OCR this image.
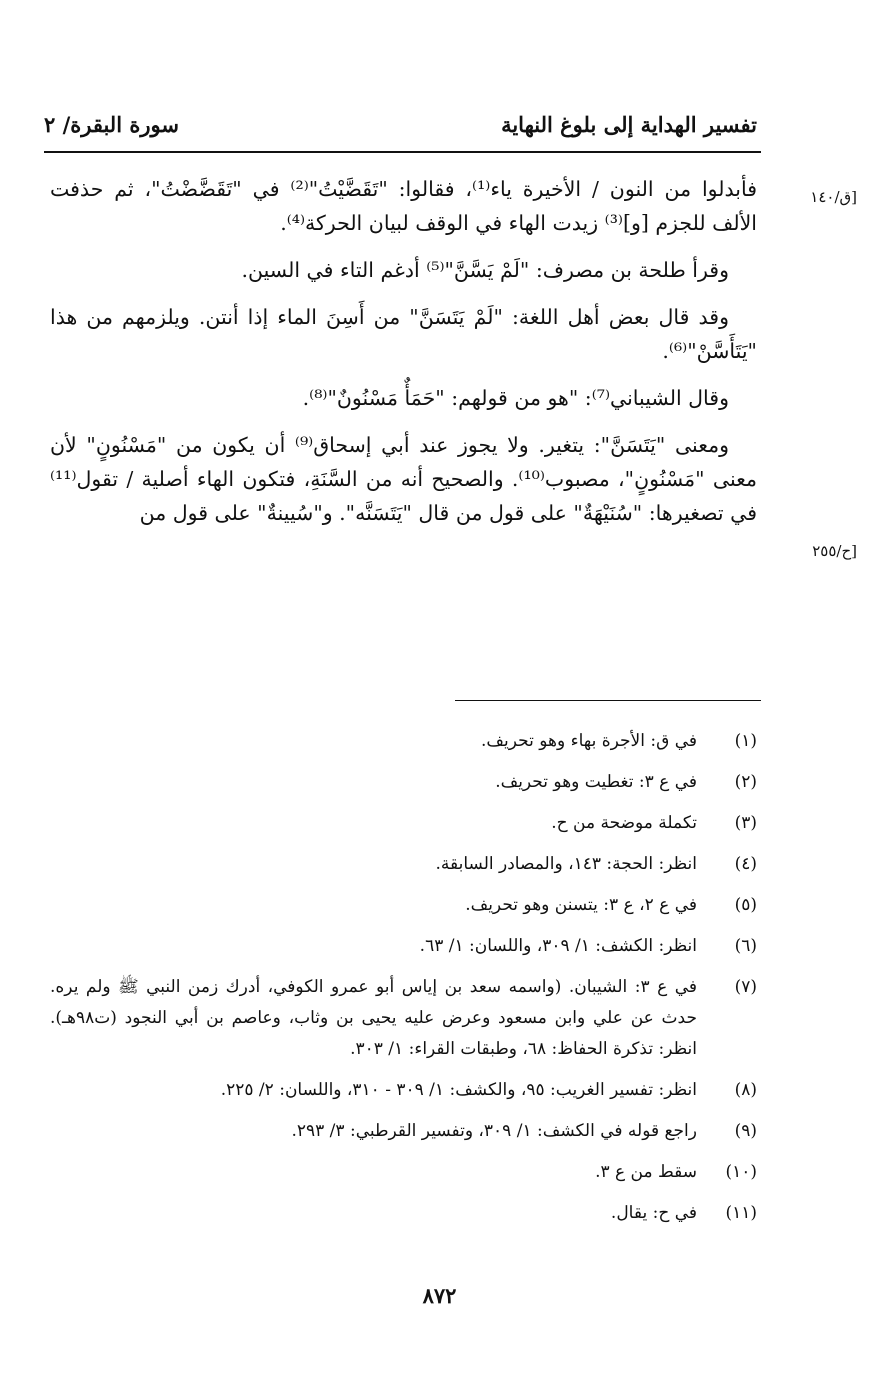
تفسير الهداية إلى بلوغ النهاية
سورة البقرة/ ٢
[ق/١٤٠
[ح/٢٥٥

فأبدلوا من النون / الأخيرة ياء⁽¹⁾، فقالوا: "تَقَضَّيْتُ"⁽²⁾ في "تَقَضَّضْتُ"، ثم حذفت الألف للجزم [و]⁽³⁾ زيدت الهاء في الوقف لبيان الحركة⁽⁴⁾.

وقرأ طلحة بن مصرف: "لَمْ يَسَّنَّ"⁽⁵⁾ أدغم التاء في السين.

وقد قال بعض أهل اللغة: "لَمْ يَتَسَنَّ" من أَسِنَ الماء إذا أنتن. ويلزمهم من هذا "يَتَأَسَّنْ"⁽⁶⁾.

وقال الشيباني⁽⁷⁾: "هو من قولهم: "حَمَأٌ مَسْنُونٌ"⁽⁸⁾.

ومعنى "يَتَسَنَّ": يتغير. ولا يجوز عند أبي إسحاق⁽⁹⁾ أن يكون من "مَسْنُونٍ" لأن معنى "مَسْنُونٍ"، مصبوب⁽¹⁰⁾. والصحيح أنه من السَّنَةِ، فتكون الهاء أصلية / تقول⁽¹¹⁾ في تصغيرها: "سُنَيْهَةٌ" على قول من قال "يَتَسَنَّه". و"سُيينةٌ" على قول من

(١)
في ق: الأجرة بهاء وهو تحريف.
(٢)
في ع ٣: تغطيت وهو تحريف.
(٣)
تكملة موضحة من ح.
(٤)
انظر: الحجة: ١٤٣، والمصادر السابقة.
(٥)
في ع ٢، ع ٣: يتسنن وهو تحريف.
(٦)
انظر: الكشف: ١/ ٣٠٩، واللسان: ١/ ٦٣.
(٧)
في ع ٣: الشيبان. (واسمه سعد بن إياس أبو عمرو الكوفي، أدرك زمن النبي ﷺ ولم يره. حدث عن علي وابن مسعود وعرض عليه يحيى بن وثاب، وعاصم بن أبي النجود (ت٩٨هـ). انظر: تذكرة الحفاظ: ٦٨، وطبقات القراء: ١/ ٣٠٣.
(٨)
انظر: تفسير الغريب: ٩٥، والكشف: ١/ ٣٠٩ - ٣١٠، واللسان: ٢/ ٢٢٥.
(٩)
راجع قوله في الكشف: ١/ ٣٠٩، وتفسير القرطبي: ٣/ ٢٩٣.
(١٠)
سقط من ع ٣.
(١١)
في ح: يقال.
٨٧٢
